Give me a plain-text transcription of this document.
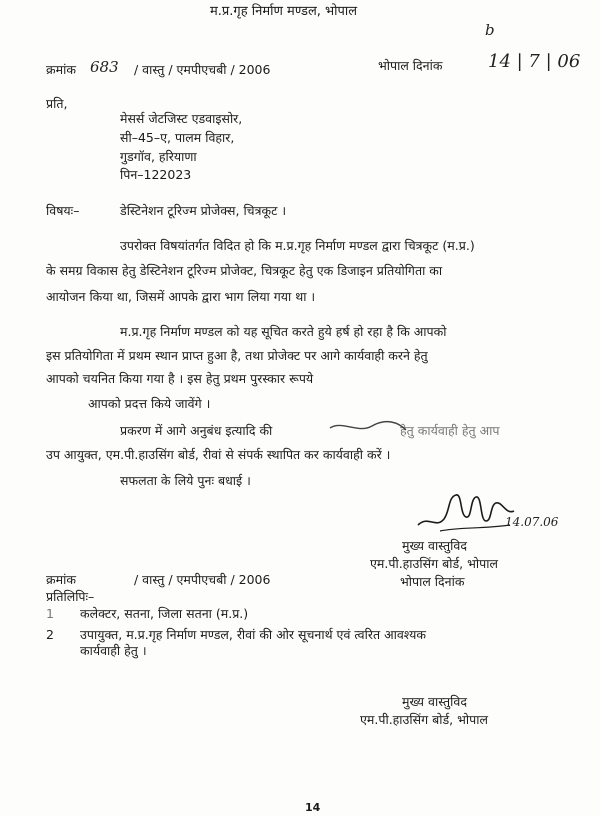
म.प्र.गृह निर्माण मण्डल, भोपाल
b
क्रमांक 683 / वास्तु / एमपीएचबी / 2006	भोपाल दिनांक	14 | 7 | 06
प्रति,
मेसर्स जेटजिस्ट एडवाइसोर,
सी–45–ए, पालम विहार,
गुडगॉव, हरियाणा
पिन–122023
विषयः–	डेस्टिनेशन टूरिज्म प्रोजेक्स, चित्रकूट ।
उपरोक्त विषयांतर्गत विदित हो कि म.प्र.गृह निर्माण मण्डल द्वारा चित्रकूट (म.प्र.)
के समग्र विकास हेतु डेस्टिनेशन टूरिज्म प्रोजेक्ट, चित्रकूट हेतु एक डिजाइन प्रतियोगिता का
आयोजन किया था, जिसमें आपके द्वारा भाग लिया गया था ।
म.प्र.गृह निर्माण मण्डल को यह सूचित करते हुये हर्ष हो रहा है कि आपको
इस प्रतियोगिता में प्रथम स्थान प्राप्त हुआ है, तथा प्रोजेक्ट पर आगे कार्यवाही करने हेतु
आपको चयनित किया गया है । इस हेतु प्रथम पुरस्कार रूपये
आपको प्रदत्त किये जावेंगे ।
प्रकरण में आगे अनुबंध इत्यादि की	हेतु कार्यवाही हेतु आप
उप आयुक्त, एम.पी.हाउसिंग बोर्ड, रीवां से संपर्क स्थापित कर कार्यवाही करें ।
सफलता के लिये पुनः बधाई ।
14.07.06
मुख्य वास्तुविद
एम.पी.हाउसिंग बोर्ड, भोपाल
क्रमांक	/ वास्तु / एमपीएचबी / 2006	भोपाल दिनांक
प्रतिलिपिः–
1 कलेक्टर, सतना, जिला सतना (म.प्र.)
2 उपायुक्त, म.प्र.गृह निर्माण मण्डल, रीवां की ओर सूचनार्थ एवं त्वरित आवश्यक
कार्यवाही हेतु ।
मुख्य वास्तुविद
एम.पी.हाउसिंग बोर्ड, भोपाल
14
